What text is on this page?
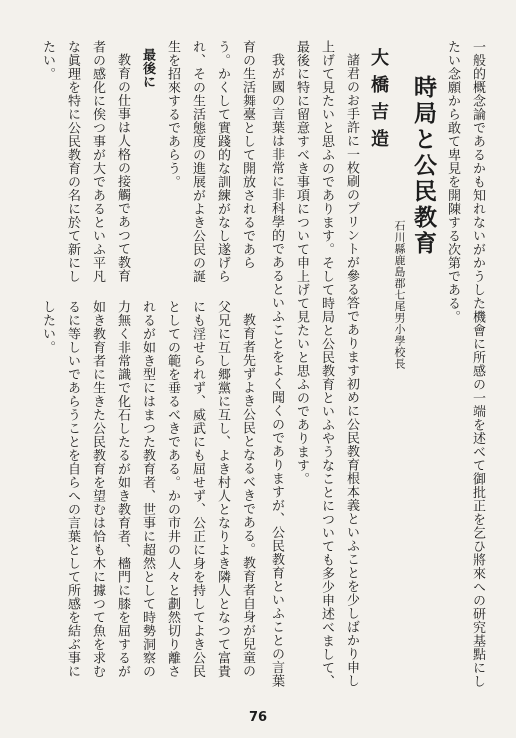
一般的概念論であるかも知れないがかうした機會に所感の一端を述べて御批正を乞ひ將來への研究基點にしたい念願から敢て卑見を開陳する次第である。
時局と公民教育
石川縣鹿島郡七尾男小學校長
大橋吉造
諸君のお手許に一枚刷のプリントが參る答であります初めに公民教育根本義といふことを少しばかり申し上げて見たいと思ふのであります。そして時局と公民教育といふやうなことについても多少申述べまして、最後に特に留意すべき事項について申上げて見たいと思ふのであります。
我が國の言葉は非常に非科學的であるといふことをよく聞くのでありますが、公民教育といふことの言葉
育の生活舞臺として開放されるであらう。かくして實踐的な訓練がなし遂げられ、その生活態度の進展がよき公民の誕生を招來するであらう。
最後に
教育の仕事は人格の接觸であつて教育者の感化に俟つ事が大であるといふ平凡な眞理を特に公民教育の名に於て新にしたい。
教育者先ずよき公民となるべきである。教育者自身が兒童の父兄に互し郷黨に互し、よき村人となりよき隣人となつて富貴にも淫せられず、威武にも屈せず、公正に身を持してよき公民としての範を垂るべきである。かの市井の人々と劃然切り離されるが如き型にはまつた教育者、世事に超然として時勢洞察の力無く非常識で化石したるが如き教育者、檣門に膝を屈するが如き教育者に生きた公民教育を望むは恰も木に據つて魚を求むるに等しいであらうことを自らへの言葉として所感を結ぶ事にしたい。
76
